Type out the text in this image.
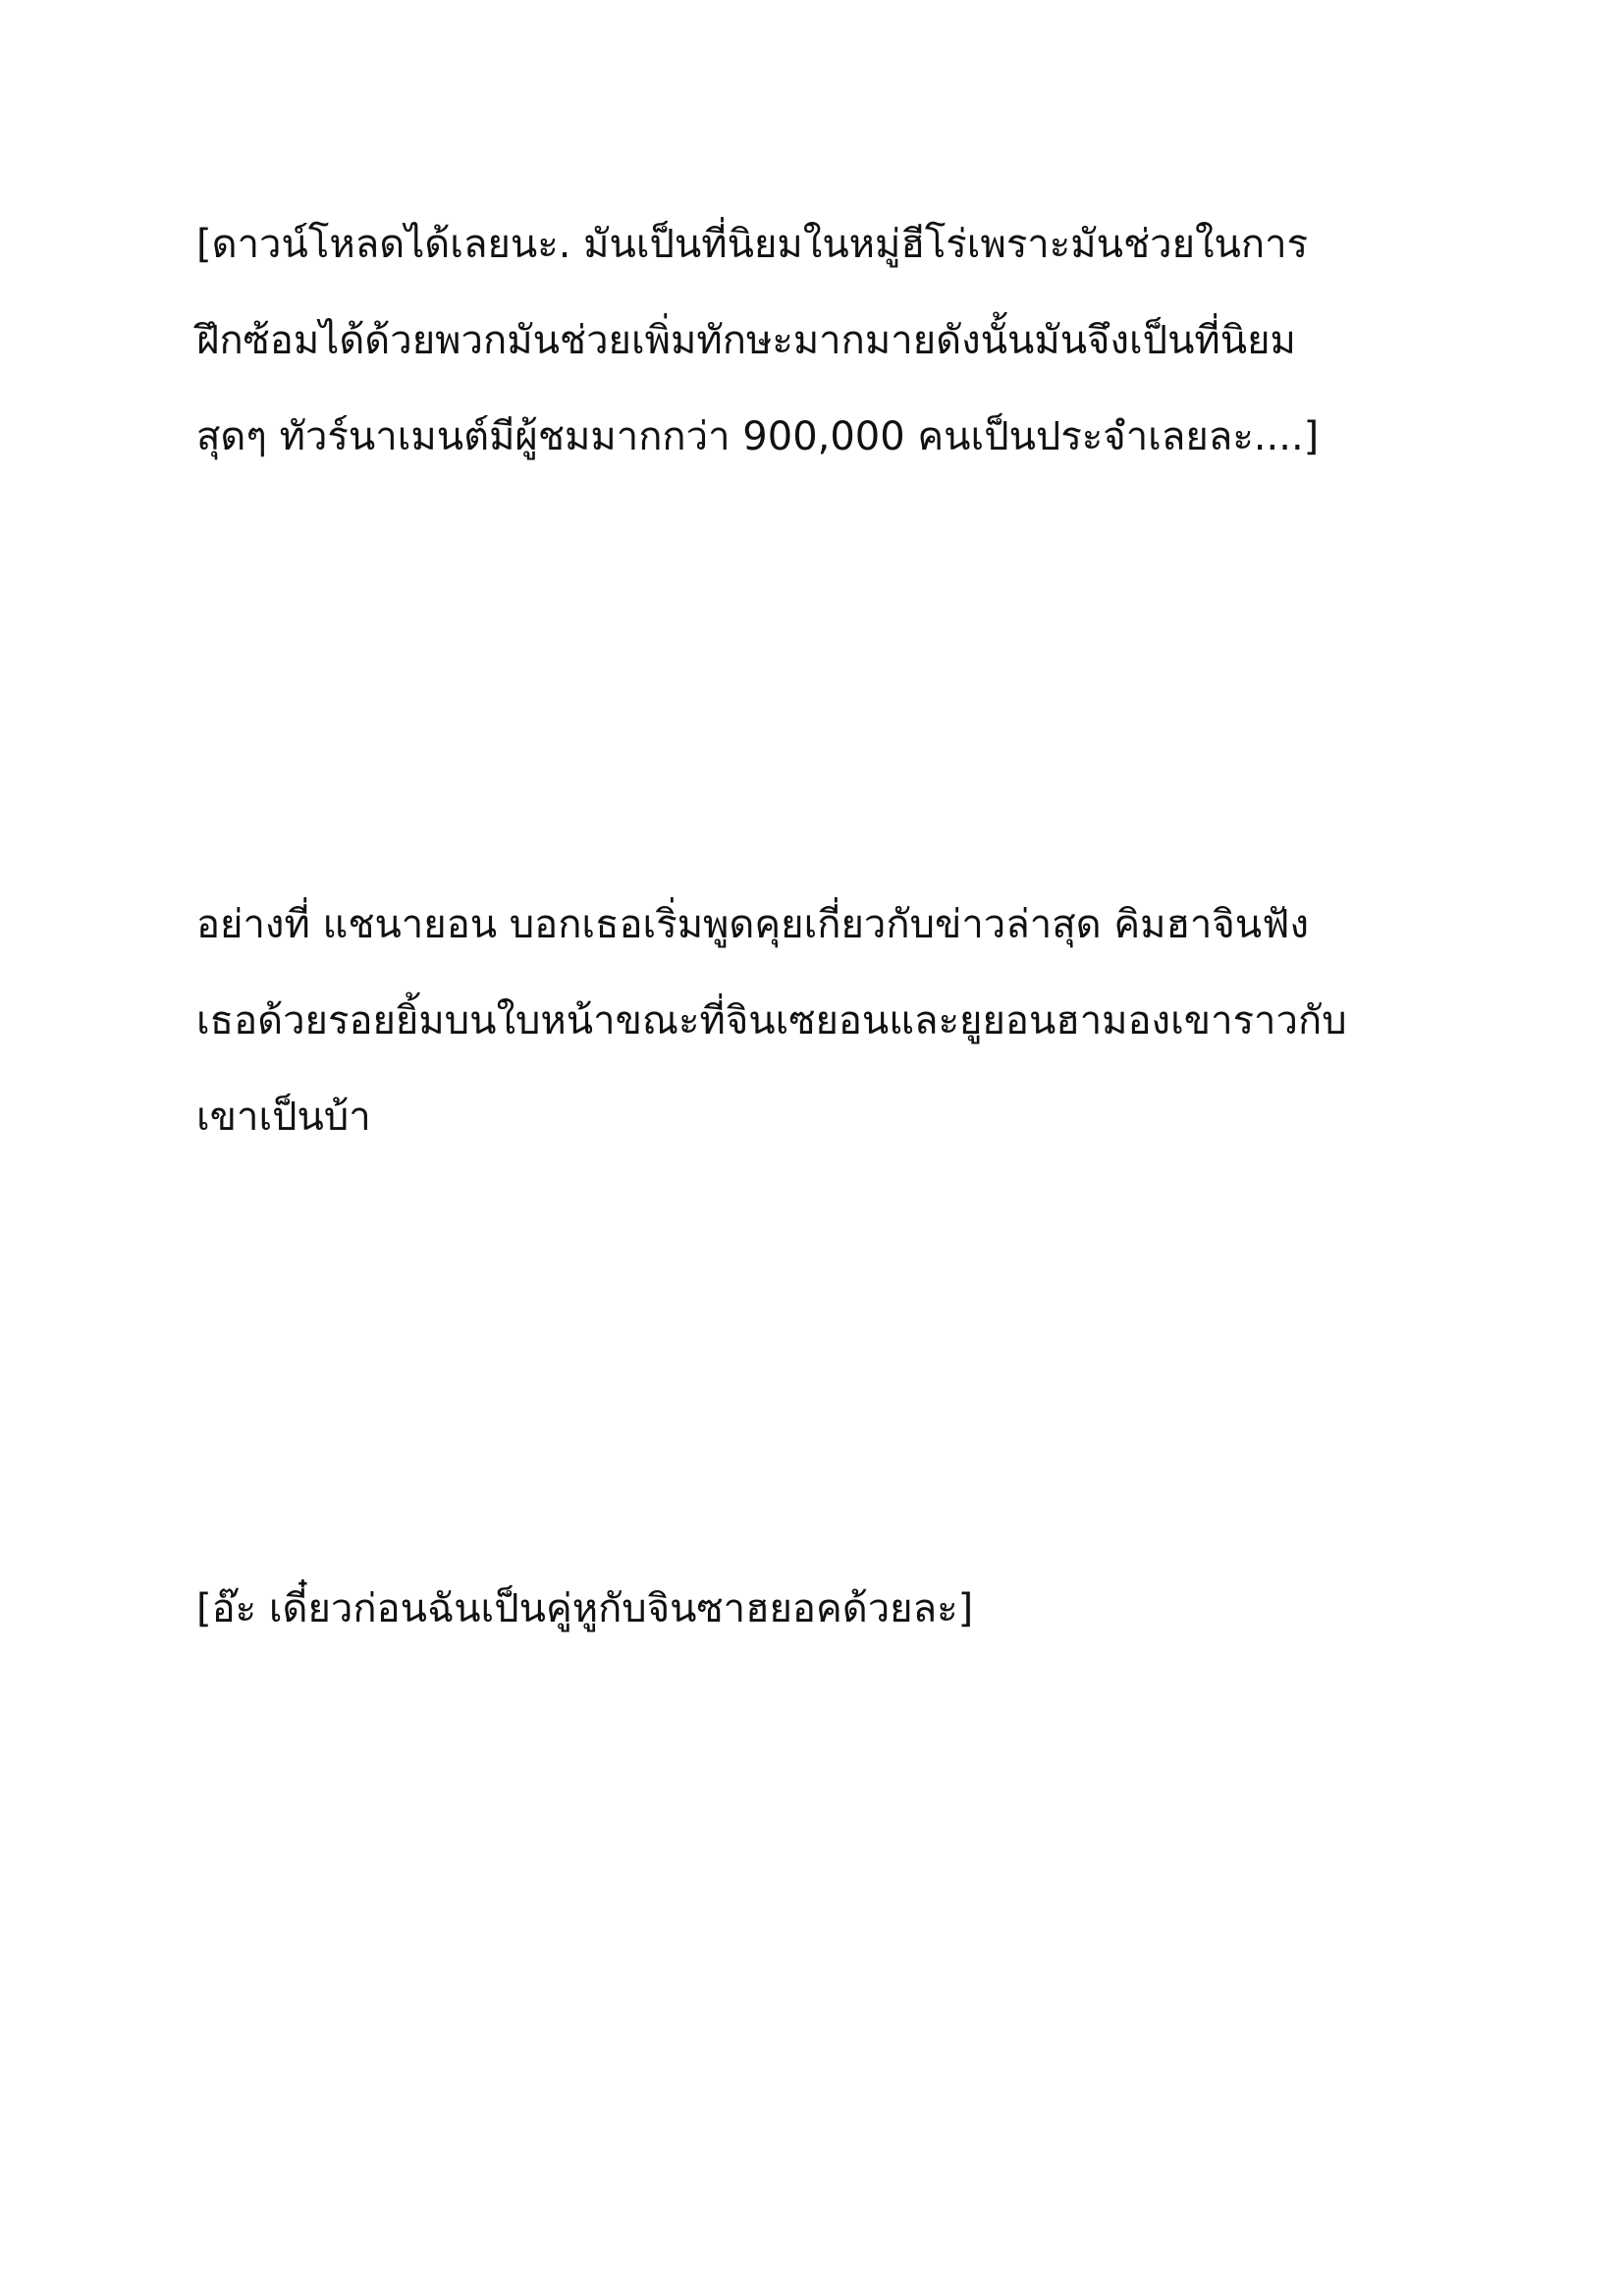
[ดาวน์โหลดได้เลยนะ. มันเป็นที่นิยมในหมู่ฮีโร่เพราะมันช่วยในการ
ฝึกซ้อมได้ด้วยพวกมันช่วยเพิ่มทักษะมากมายดังนั้นมันจึงเป็นที่นิยม
สุดๆ ทัวร์นาเมนต์มีผู้ชมมากกว่า 900,000 คนเป็นประจำเลยละ....]

อย่างที่ แชนายอน บอกเธอเริ่มพูดคุยเกี่ยวกับข่าวล่าสุด คิมฮาจินฟัง
เธอด้วยรอยยิ้มบนใบหน้าขณะที่จินเซยอนและยูยอนฮามองเขาราวกับ
เขาเป็นบ้า

[อ๊ะ เดี๋ยวก่อนฉันเป็นคู่หูกับจินซาฮยอคด้วยละ]
